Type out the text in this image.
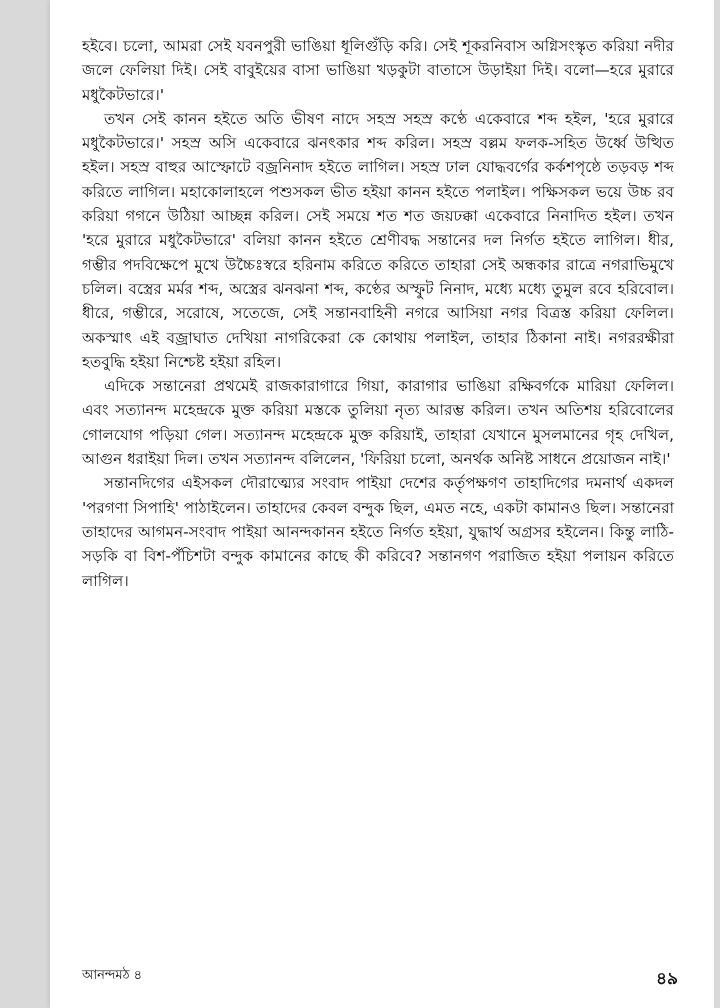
হইবে। চলো, আমরা সেই যবনপুরী ভাঙিয়া ধূলিগুঁড়ি করি। সেই শূকরনিবাস অগ্নিসংস্কৃত করিয়া নদীর জলে ফেলিয়া দিই। সেই বাবুইয়ের বাসা ভাঙিয়া খড়কুটা বাতাসে উড়াইয়া দিই। বলো—হরে মুরারে মধুকৈটভারে।'

তখন সেই কানন হইতে অতি ভীষণ নাদে সহস্র সহস্র কণ্ঠে একেবারে শব্দ হইল, 'হরে মুরারে মধুকৈটভারে।' সহস্র অসি একেবারে ঝনৎকার শব্দ করিল। সহস্র বল্লম ফলক-সহিত উর্ধ্বে উত্থিত হইল। সহস্র বাহুর আস্ফোটে বজ্রনিনাদ হইতে লাগিল। সহস্র ঢাল যোদ্ধবর্গের কর্কশপৃষ্ঠে তড়বড় শব্দ করিতে লাগিল। মহাকোলাহলে পশুসকল ভীত হইয়া কানন হইতে পলাইল। পক্ষিসকল ভয়ে উচ্চ রব করিয়া গগনে উঠিয়া আচ্ছন্ন করিল। সেই সময়ে শত শত জয়ঢক্কা একেবারে নিনাদিত হইল। তখন 'হরে মুরারে মধুকৈটভারে' বলিয়া কানন হইতে শ্রেণীবদ্ধ সন্তানের দল নির্গত হইতে লাগিল। ধীর, গম্ভীর পদবিক্ষেপে মুখে উচ্চৈঃস্বরে হরিনাম করিতে করিতে তাহারা সেই অন্ধকার রাত্রে নগরাভিমুখে চলিল। বস্ত্রের মর্মর শব্দ, অস্ত্রের ঝনঝনা শব্দ, কণ্ঠের অস্ফুট নিনাদ, মধ্যে মধ্যে তুমুল রবে হরিবোল। ধীরে, গম্ভীরে, সরোষে, সতেজে, সেই সন্তানবাহিনী নগরে আসিয়া নগর বিত্রস্ত করিয়া ফেলিল। অকস্মাৎ এই বজ্রাঘাত দেখিয়া নাগরিকেরা কে কোথায় পলাইল, তাহার ঠিকানা নাই। নগররক্ষীরা হতবুদ্ধি হইয়া নিশ্চেষ্ট হইয়া রহিল।

এদিকে সন্তানেরা প্রথমেই রাজকারাগারে গিয়া, কারাগার ভাঙিয়া রক্ষিবর্গকে মারিয়া ফেলিল। এবং সত্যানন্দ মহেন্দ্রকে মুক্ত করিয়া মস্তকে তুলিয়া নৃত্য আরম্ভ করিল। তখন অতিশয় হরিবোলের গোলযোগ পড়িয়া গেল। সত্যানন্দ মহেন্দ্রকে মুক্ত করিয়াই, তাহারা যেখানে মুসলমানের গৃহ দেখিল, আগুন ধরাইয়া দিল। তখন সত্যানন্দ বলিলেন, 'ফিরিয়া চলো, অনর্থক অনিষ্ট সাধনে প্রয়োজন নাই।'

সন্তানদিগের এইসকল দৌরাত্ম্যের সংবাদ পাইয়া দেশের কর্তৃপক্ষগণ তাহাদিগের দমনার্থ একদল 'পরগণা সিপাহি' পাঠাইলেন। তাহাদের কেবল বন্দুক ছিল, এমত নহে, একটা কামানও ছিল। সন্তানেরা তাহাদের আগমন-সংবাদ পাইয়া আনন্দকানন হইতে নির্গত হইয়া, যুদ্ধার্থ অগ্রসর হইলেন। কিন্তু লাঠি-সড়কি বা বিশ-পঁচিশটা বন্দুক কামানের কাছে কী করিবে? সন্তানগণ পরাজিত হইয়া পলায়ন করিতে লাগিল।

আনন্দমঠ ৪	৪৯
